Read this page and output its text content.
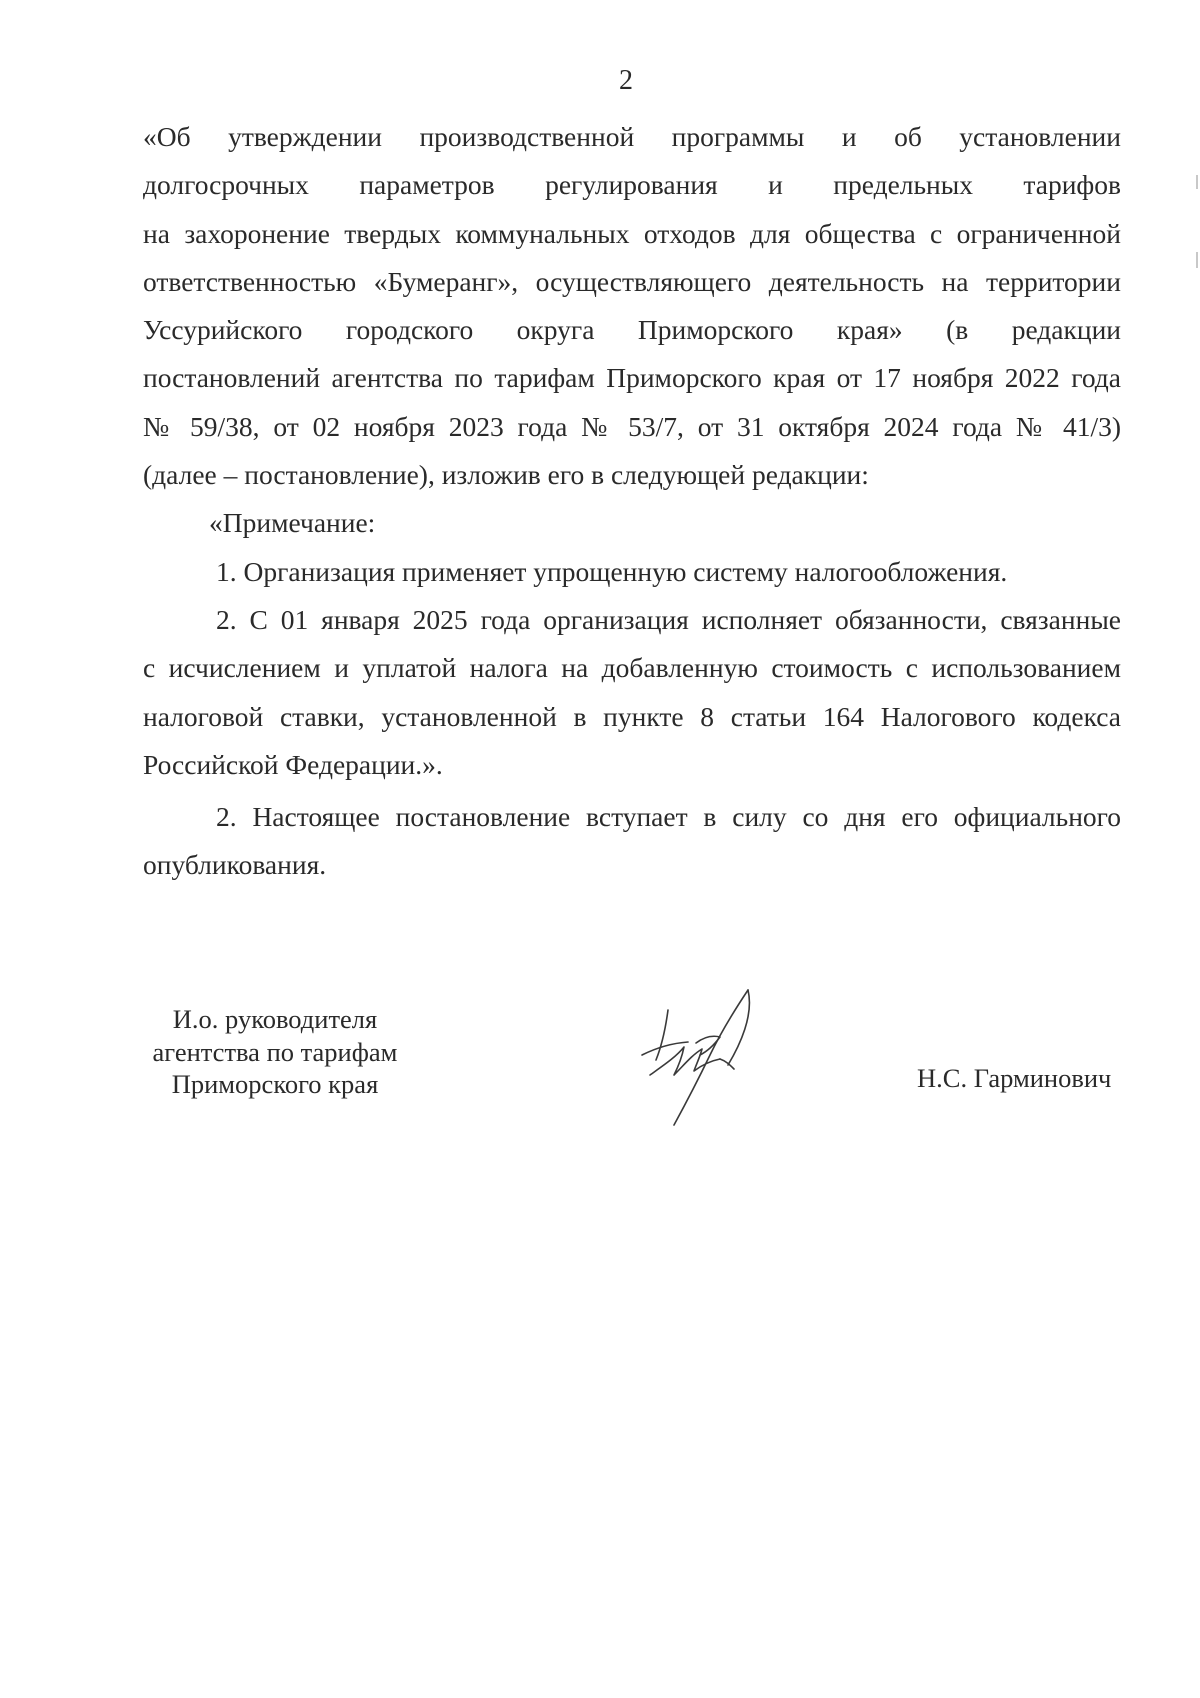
2

«Об утверждении производственной программы и об установлении
долгосрочных параметров регулирования и предельных тарифов
на захоронение твердых коммунальных отходов для общества с ограниченной
ответственностью «Бумеранг», осуществляющего деятельность на территории
Уссурийского городского округа Приморского края» (в редакции
постановлений агентства по тарифам Приморского края от 17 ноября 2022 года
№ 59/38, от 02 ноября 2023 года № 53/7, от 31 октября 2024 года № 41/3)
(далее – постановление), изложив его в следующей редакции:

«Примечание:

1. Организация применяет упрощенную систему налогообложения.

2. С 01 января 2025 года организация исполняет обязанности, связанные
с исчислением и уплатой налога на добавленную стоимость с использованием
налоговой ставки, установленной в пункте 8 статьи 164 Налогового кодекса
Российской Федерации.».

2. Настоящее постановление вступает в силу со дня его официального
опубликования.

И.о. руководителя
агентства по тарифам
Приморского края	Н.С. Гарминович
